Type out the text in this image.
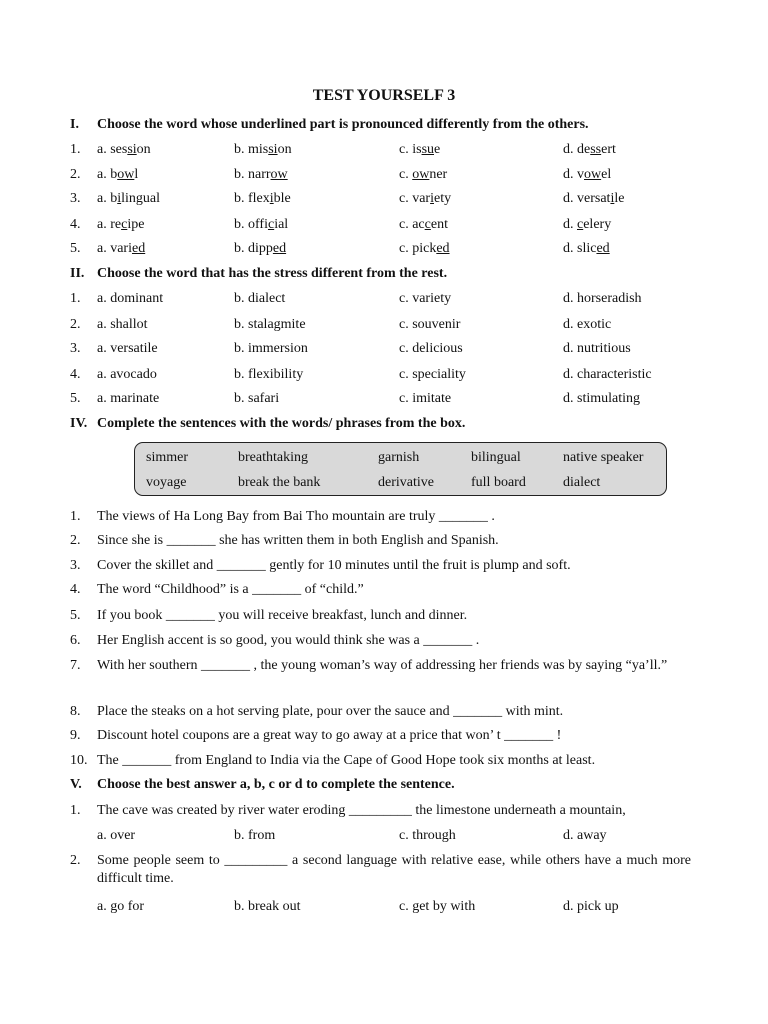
TEST YOURSELF 3
I. Choose the word whose underlined part is pronounced differently from the others.
1. a. session	b. mission	c. issue	d. dessert
2. a. bowl	b. narrow	c. owner	d. vowel
3. a. bilingual	b. flexible	c. variety	d. versatile
4. a. recipe	b. official	c. accent	d. celery
5. a. varied	b. dipped	c. picked	d. sliced
II. Choose the word that has the stress different from the rest.
1. a. dominant	b. dialect	c. variety	d. horseradish
2. a. shallot	b. stalagmite	c. souvenir	d. exotic
3. a. versatile	b. immersion	c. delicious	d. nutritious
4. a. avocado	b. flexibility	c. speciality	d. characteristic
5. a. marinate	b. safari	c. imitate	d. stimulating
IV. Complete the sentences with the words/ phrases from the box.
simmer	breathtaking	garnish	bilingual	native speaker
voyage	break the bank	derivative	full board	dialect
1. The views of Ha Long Bay from Bai Tho mountain are truly _______ .
2. Since she is _______ she has written them in both English and Spanish.
3. Cover the skillet and _______ gently for 10 minutes until the fruit is plump and soft.
4. The word “Childhood” is a _______ of “child.”
5. If you book _______ you will receive breakfast, lunch and dinner.
6. Her English accent is so good, you would think she was a _______ .
7. With her southern _______ , the young woman’s way of addressing her friends was by saying “ya’ll.”
8. Place the steaks on a hot serving plate, pour over the sauce and _______ with mint.
9. Discount hotel coupons are a great way to go away at a price that won’ t _______ !
10. The _______ from England to India via the Cape of Good Hope took six months at least.
V. Choose the best answer a, b, c or d to complete the sentence.
1. The cave was created by river water eroding _________ the limestone underneath a mountain,
a. over	b. from	c. through	d. away
2. Some people seem to _________ a second language with relative ease, while others have a much more difficult time.
a. go for	b. break out	c. get by with	d. pick up
